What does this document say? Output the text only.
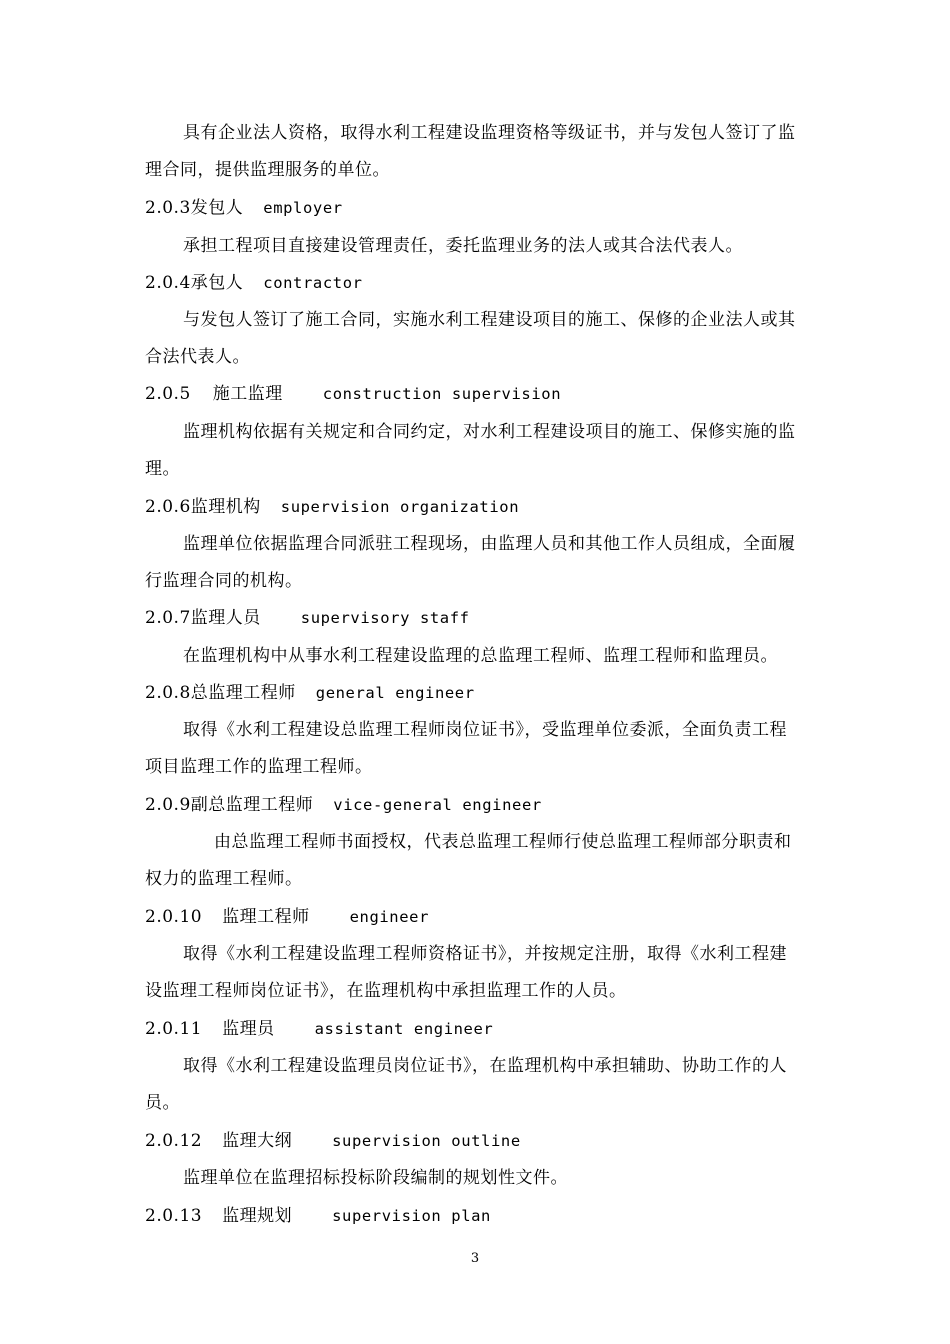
具有企业法人资格，取得水利工程建设监理资格等级证书，并与发包人签订了监
理合同，提供监理服务的单位。
2.0.3发包人 employer
承担工程项目直接建设管理责任，委托监理业务的法人或其合法代表人。
2.0.4承包人 contractor
与发包人签订了施工合同，实施水利工程建设项目的施工、保修的企业法人或其
合法代表人。
2.0.5 施工监理	construction supervision
监理机构依据有关规定和合同约定，对水利工程建设项目的施工、保修实施的监
理。
2.0.6监理机构 supervision organization
监理单位依据监理合同派驻工程现场，由监理人员和其他工作人员组成，全面履
行监理合同的机构。
2.0.7监理人员	supervisory staff
在监理机构中从事水利工程建设监理的总监理工程师、监理工程师和监理员。
2.0.8总监理工程师 general engineer
取得《水利工程建设总监理工程师岗位证书》，受监理单位委派，全面负责工程
项目监理工作的监理工程师。
2.0.9副总监理工程师 vice-general engineer
由总监理工程师书面授权，代表总监理工程师行使总监理工程师部分职责和
权力的监理工程师。
2.0.10 监理工程师	engineer
取得《水利工程建设监理工程师资格证书》，并按规定注册，取得《水利工程建
设监理工程师岗位证书》，在监理机构中承担监理工作的人员。
2.0.11 监理员	assistant engineer
取得《水利工程建设监理员岗位证书》，在监理机构中承担辅助、协助工作的人
员。
2.0.12 监理大纲	supervision outline
监理单位在监理招标投标阶段编制的规划性文件。
2.0.13 监理规划	supervision plan
3
